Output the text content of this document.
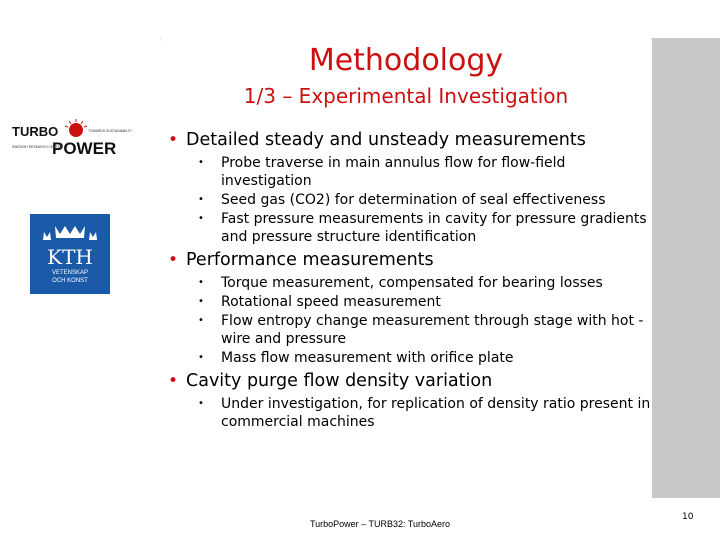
Methodology
1/3 – Experimental Investigation
TURBO
POWER
TOWARDS SUSTAINABILITY
SWEDISH RESEARCH CENTER
KTH
VETENSKAP
OCH KONST
• Detailed steady and unsteady measurements
• Probe traverse in main annulus flow for flow-field investigation
• Seed gas (CO2) for determination of seal effectiveness
• Fast pressure measurements in cavity for pressure gradients and pressure structure identification
• Performance measurements
• Torque measurement, compensated for bearing losses
• Rotational speed measurement
• Flow entropy change measurement through stage with hot -wire and pressure
• Mass flow measurement with orifice plate
• Cavity purge flow density variation
• Under investigation, for replication of density ratio present in commercial machines
TurboPower – TURB32: TurboAero
10
